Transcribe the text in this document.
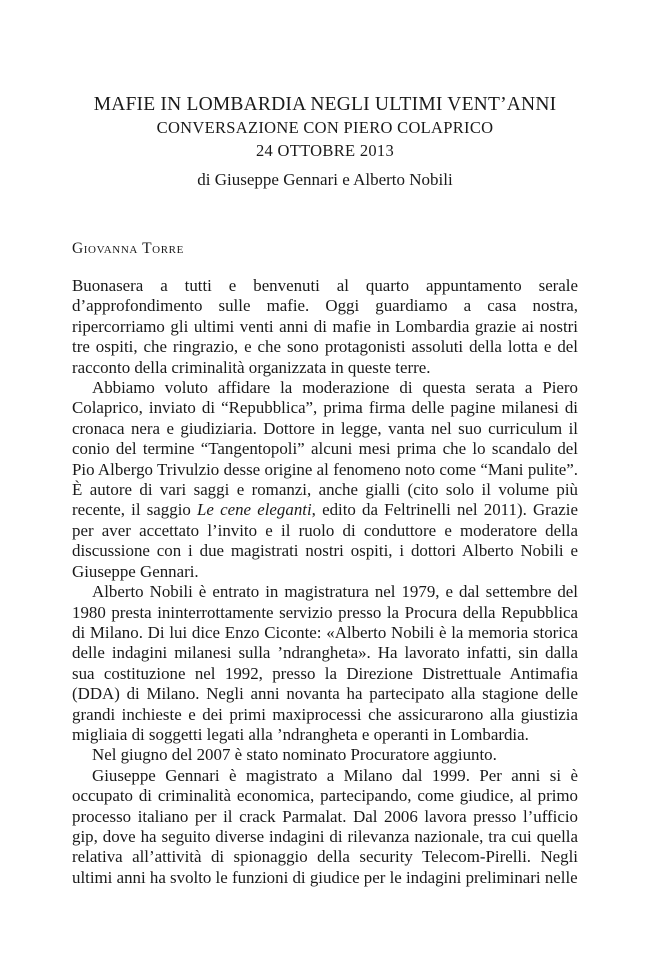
MAFIE IN LOMBARDIA NEGLI ULTIMI VENT’ANNI
CONVERSAZIONE CON PIERO COLAPRICO
24 OTTOBRE 2013
di Giuseppe Gennari e Alberto Nobili
Giovanna Torre

Buonasera a tutti e benvenuti al quarto appuntamento serale d’approfondimento sulle mafie. Oggi guardiamo a casa nostra, ripercorriamo gli ultimi venti anni di mafie in Lombardia grazie ai nostri tre ospiti, che ringrazio, e che sono protagonisti assoluti della lotta e del racconto della criminalità organizzata in queste terre.

Abbiamo voluto affidare la moderazione di questa serata a Piero Colaprico, inviato di “Repubblica”, prima firma delle pagine milanesi di cronaca nera e giudiziaria. Dottore in legge, vanta nel suo curriculum il conio del termine “Tangentopoli” alcuni mesi prima che lo scandalo del Pio Albergo Trivulzio desse origine al fenomeno noto come “Mani pulite”. È autore di vari saggi e romanzi, anche gialli (cito solo il volume più recente, il saggio Le cene eleganti, edito da Feltrinelli nel 2011). Grazie per aver accettato l’invito e il ruolo di conduttore e moderatore della discussione con i due magistrati nostri ospiti, i dottori Alberto Nobili e Giuseppe Gennari.

Alberto Nobili è entrato in magistratura nel 1979, e dal settembre del 1980 presta ininterrottamente servizio presso la Procura della Repubblica di Milano. Di lui dice Enzo Ciconte: «Alberto Nobili è la memoria storica delle indagini milanesi sulla ’ndrangheta». Ha lavorato infatti, sin dalla sua costituzione nel 1992, presso la Direzione Distrettuale Antimafia (DDA) di Milano. Negli anni novanta ha partecipato alla stagione delle grandi inchieste e dei primi maxiprocessi che assicurarono alla giustizia migliaia di soggetti legati alla ’ndrangheta e operanti in Lombardia.

Nel giugno del 2007 è stato nominato Procuratore aggiunto.

Giuseppe Gennari è magistrato a Milano dal 1999. Per anni si è occupato di criminalità economica, partecipando, come giudice, al primo processo italiano per il crack Parmalat. Dal 2006 lavora presso l’ufficio gip, dove ha seguito diverse indagini di rilevanza nazionale, tra cui quella relativa all’attività di spionaggio della security Telecom-Pirelli. Negli ultimi anni ha svolto le funzioni di giudice per le indagini preliminari nelle
